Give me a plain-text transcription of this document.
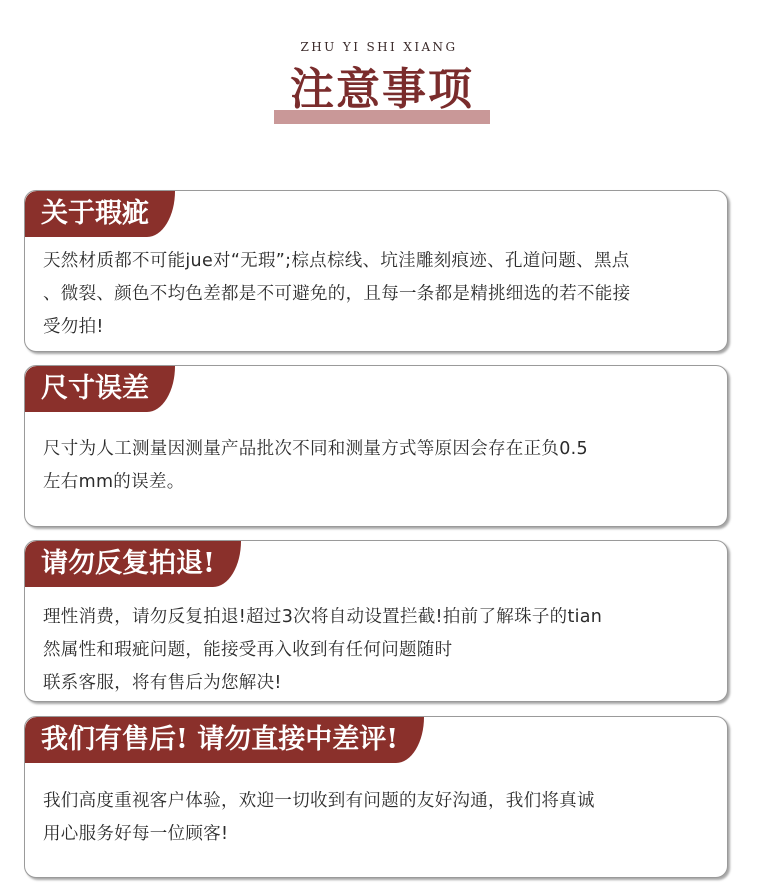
ZHU YI SHI XIANG
注意事项
关于瑕疵
天然材质都不可能jue对“无瑕”;棕点棕线、坑洼雕刻痕迹、孔道问题、黑点
、微裂、颜色不均色差都是不可避免的，且每一条都是精挑细选的若不能接
受勿拍!
尺寸误差
尺寸为人工测量因测量产品批次不同和测量方式等原因会存在正负0.5
左右mm的误差。
请勿反复拍退!
理性消费，请勿反复拍退!超过3次将自动设置拦截!拍前了解珠子的tian
然属性和瑕疵问题，能接受再入收到有任何问题随时
联系客服，将有售后为您解决!
我们有售后! 请勿直接中差评!
我们高度重视客户体验，欢迎一切收到有问题的友好沟通，我们将真诚
用心服务好每一位顾客!
